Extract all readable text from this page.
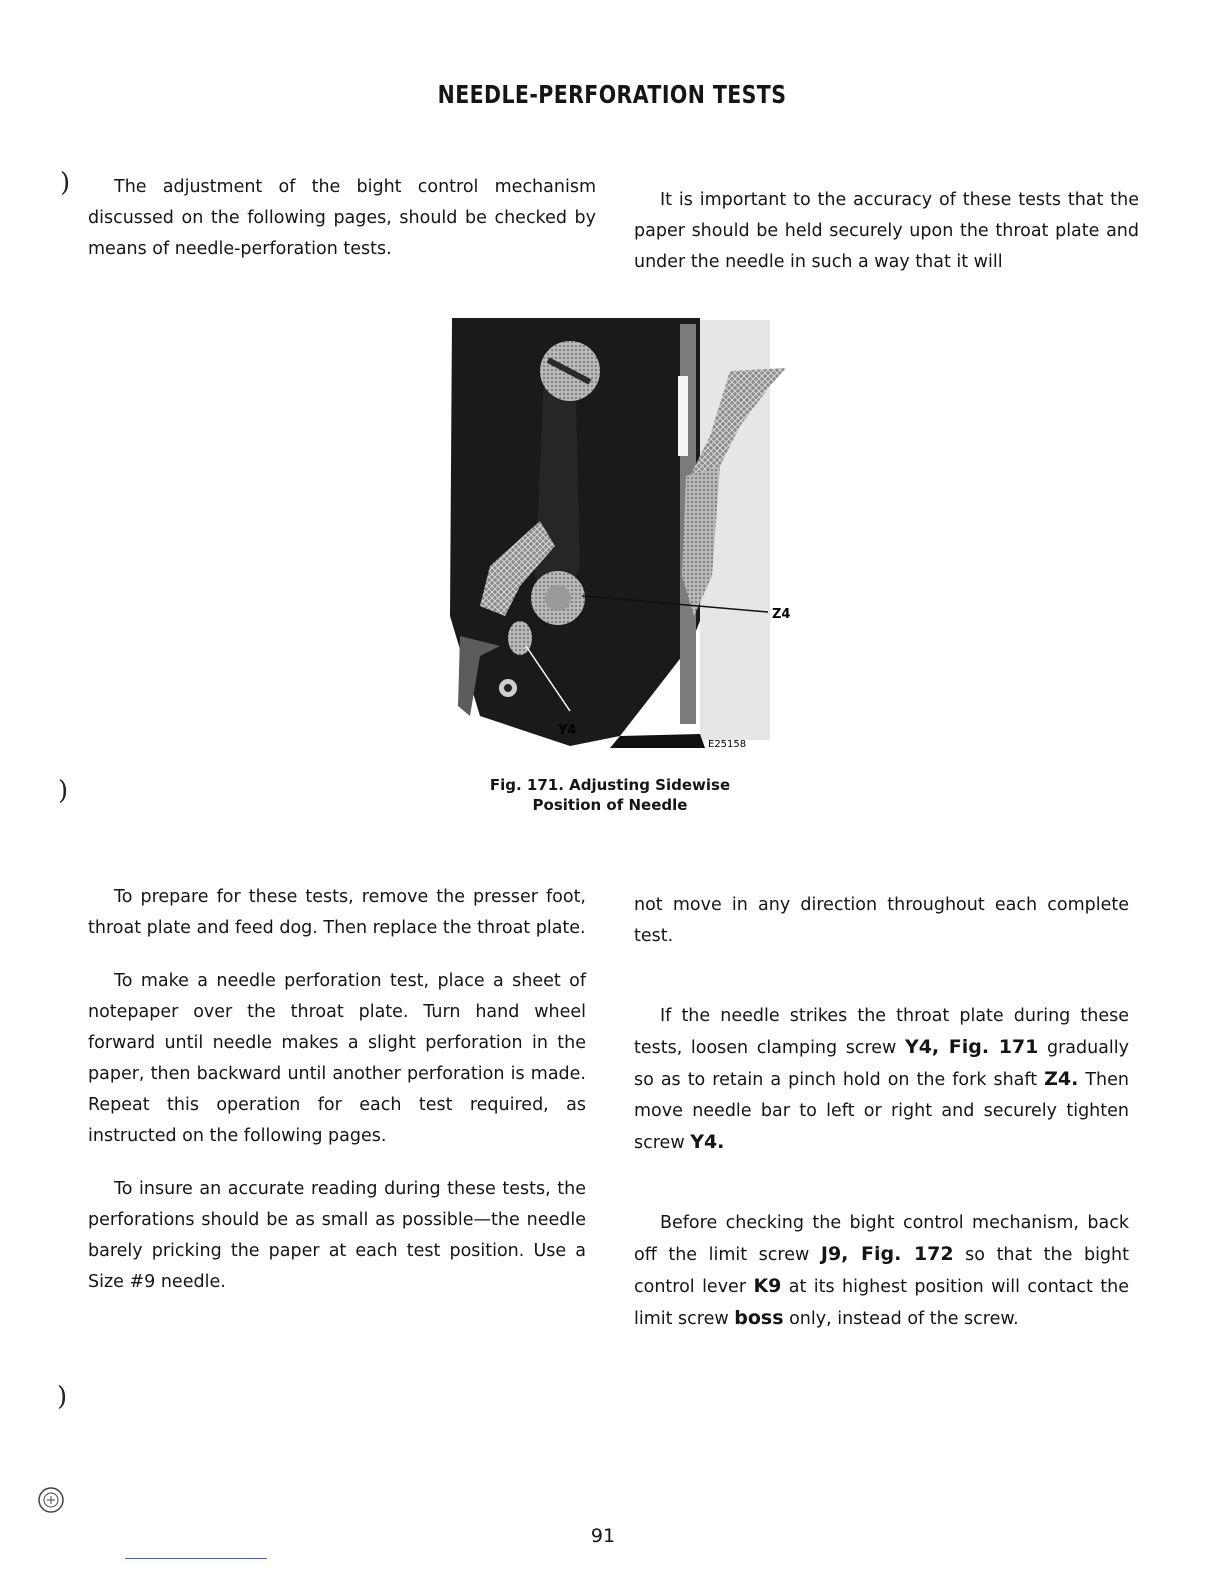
NEEDLE-PERFORATION TESTS
)
)
)

The adjustment of the bight control mechanism discussed on the following pages, should be checked by means of needle-perforation tests.

It is important to the accuracy of these tests that the paper should be held securely upon the throat plate and under the needle in such a way that it will

Z4
Y4
E25158
Fig. 171. Adjusting Sidewise
Position of Needle

To prepare for these tests, remove the presser foot, throat plate and feed dog. Then replace the throat plate.

To make a needle perforation test, place a sheet of notepaper over the throat plate. Turn hand wheel forward until needle makes a slight perforation in the paper, then backward until another perforation is made. Repeat this operation for each test required, as instructed on the following pages.

To insure an accurate reading during these tests, the perforations should be as small as possible—the needle barely pricking the paper at each test position. Use a Size #9 needle.

not move in any direction throughout each complete test.

If the needle strikes the throat plate during these tests, loosen clamping screw Y4, Fig. 171 gradually so as to retain a pinch hold on the fork shaft Z4. Then move needle bar to left or right and securely tighten screw Y4.

Before checking the bight control mechanism, back off the limit screw J9, Fig. 172 so that the bight control lever K9 at its highest position will contact the limit screw boss only, instead of the screw.

91
